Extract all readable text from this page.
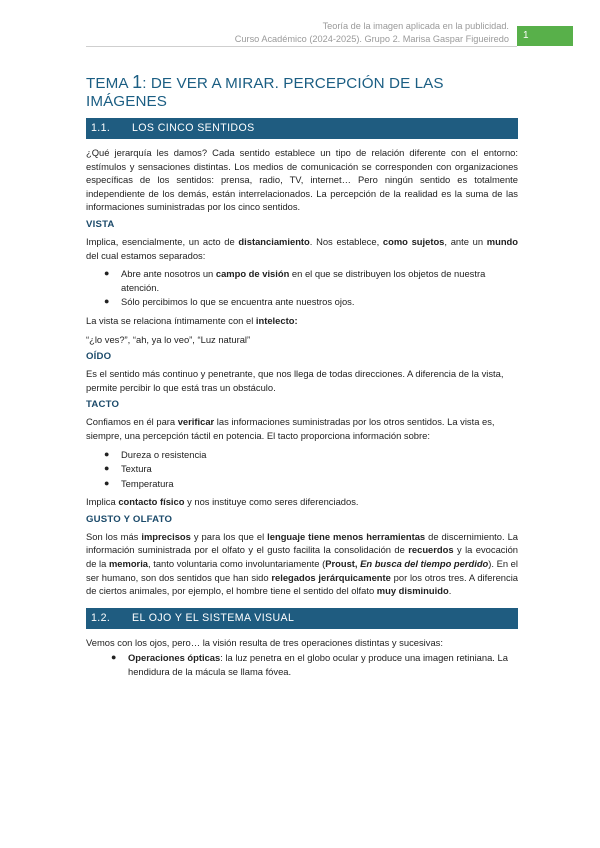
Teoría de la imagen aplicada en la publicidad.
Curso Académico (2024-2025). Grupo 2. Marisa Gaspar Figueiredo	1
TEMA 1: DE VER A MIRAR. PERCEPCIÓN DE LAS IMÁGENES
1.1. LOS CINCO SENTIDOS

¿Qué jerarquía les damos? Cada sentido establece un tipo de relación diferente con el entorno: estímulos y sensaciones distintas. Los medios de comunicación se corresponden con organizaciones específicas de los sentidos: prensa, radio, TV, internet… Pero ningún sentido es totalmente independiente de los demás, están interrelacionados. La percepción de la realidad es la suma de las informaciones suministradas por los cinco sentidos.

VISTA

Implica, esencialmente, un acto de distanciamiento. Nos establece, como sujetos, ante un mundo del cual estamos separados:

● Abre ante nosotros un campo de visión en el que se distribuyen los objetos de nuestra atención.
● Sólo percibimos lo que se encuentra ante nuestros ojos.

La vista se relaciona íntimamente con el intelecto:

“¿lo ves?”, “ah, ya lo veo”, “Luz natural”

OÍDO

Es el sentido más continuo y penetrante, que nos llega de todas direcciones. A diferencia de la vista, permite percibir lo que está tras un obstáculo.

TACTO

Confiamos en él para verificar las informaciones suministradas por los otros sentidos. La vista es, siempre, una percepción táctil en potencia. El tacto proporciona información sobre:

● Dureza o resistencia
● Textura
● Temperatura

Implica contacto físico y nos instituye como seres diferenciados.

GUSTO Y OLFATO

Son los más imprecisos y para los que el lenguaje tiene menos herramientas de discernimiento. La información suministrada por el olfato y el gusto facilita la consolidación de recuerdos y la evocación de la memoria, tanto voluntaria como involuntariamente (Proust, En busca del tiempo perdido). En el ser humano, son dos sentidos que han sido relegados jerárquicamente por los otros tres. A diferencia de ciertos animales, por ejemplo, el hombre tiene el sentido del olfato muy disminuido.

1.2. EL OJO Y EL SISTEMA VISUAL

Vemos con los ojos, pero… la visión resulta de tres operaciones distintas y sucesivas:

● Operaciones ópticas: la luz penetra en el globo ocular y produce una imagen retiniana. La hendidura de la mácula se llama fóvea.
